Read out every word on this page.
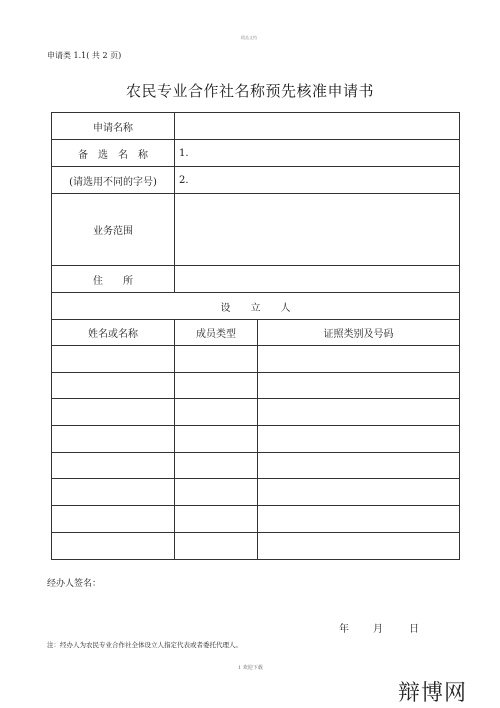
精品文档
申请类 1.1( 共 2 页)
农民专业合作社名称预先核准申请书
申请名称		
备　选　名　称	1.	
(请选用不同的字号)	2.	
业务范围		
住　　所		
设　　立　　人		
姓名或名称	成员类型	证照类别及号码

经办人签名：
年 月	日
注：经办人为农民专业合作社全体设立人指定代表或者委托代理人。
1 欢迎下载
辩博网
